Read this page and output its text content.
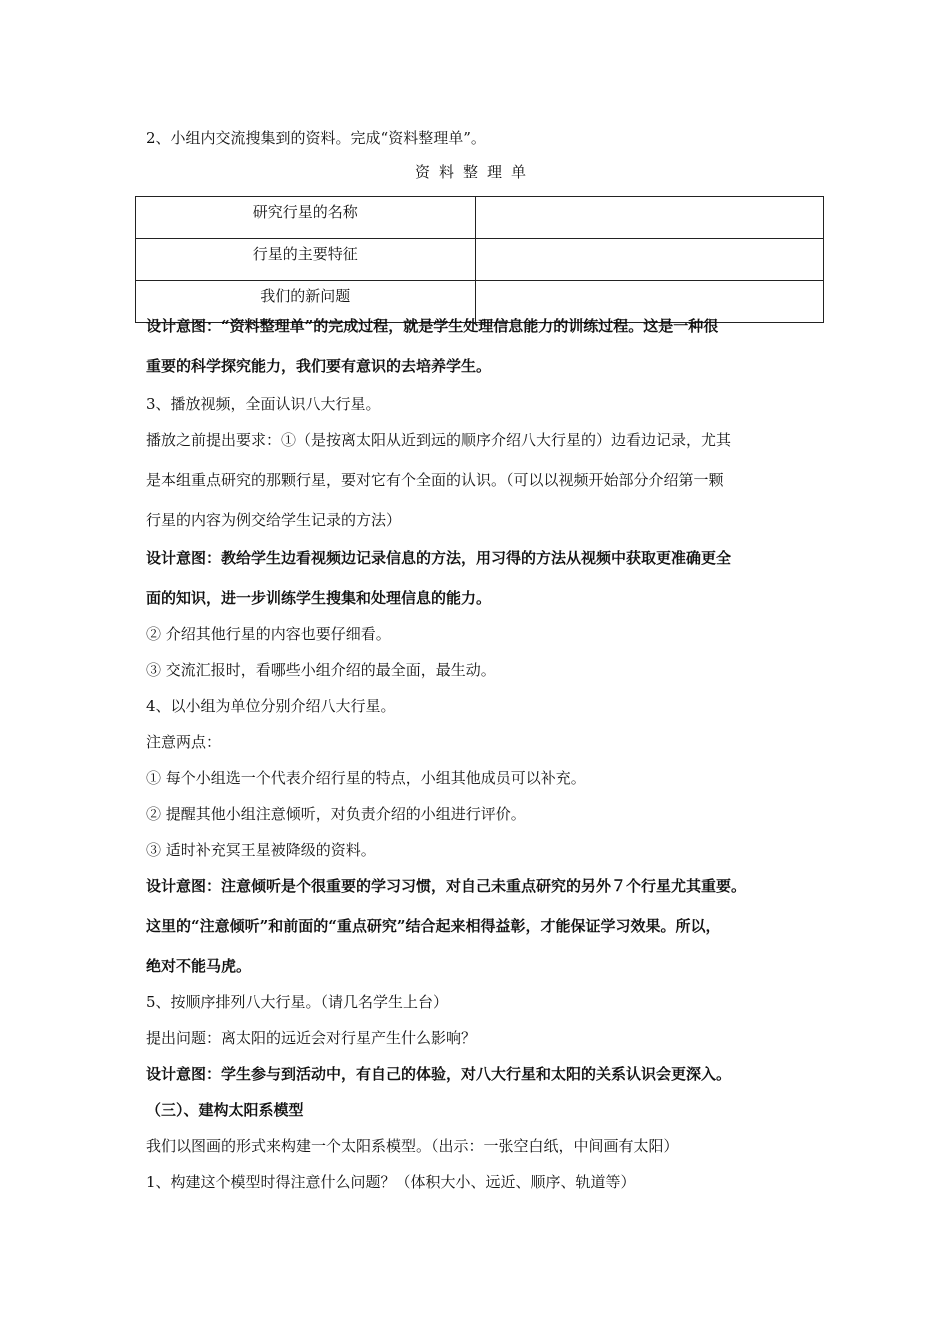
2、小组内交流搜集到的资料。完成“资料整理单”。
资料整理单
研究行星的名称	
行星的主要特征	
我们的新问题	
设计意图：“资料整理单”的完成过程，就是学生处理信息能力的训练过程。这是一种很
重要的科学探究能力，我们要有意识的去培养学生。
3、播放视频，全面认识八大行星。
播放之前提出要求：①（是按离太阳从近到远的顺序介绍八大行星的）边看边记录，尤其
是本组重点研究的那颗行星，要对它有个全面的认识。（可以以视频开始部分介绍第一颗
行星的内容为例交给学生记录的方法）
设计意图：教给学生边看视频边记录信息的方法，用习得的方法从视频中获取更准确更全
面的知识，进一步训练学生搜集和处理信息的能力。
② 介绍其他行星的内容也要仔细看。
③ 交流汇报时，看哪些小组介绍的最全面，最生动。
4、以小组为单位分别介绍八大行星。
注意两点：
① 每个小组选一个代表介绍行星的特点，小组其他成员可以补充。
② 提醒其他小组注意倾听，对负责介绍的小组进行评价。
③ 适时补充冥王星被降级的资料。
设计意图：注意倾听是个很重要的学习习惯，对自己未重点研究的另外７个行星尤其重要。
这里的“注意倾听”和前面的“重点研究”结合起来相得益彰，才能保证学习效果。所以，
绝对不能马虎。
5、按顺序排列八大行星。（请几名学生上台）
提出问题：离太阳的远近会对行星产生什么影响？
设计意图：学生参与到活动中，有自己的体验，对八大行星和太阳的关系认识会更深入。
（三）、建构太阳系模型
我们以图画的形式来构建一个太阳系模型。（出示：一张空白纸，中间画有太阳）
1、构建这个模型时得注意什么问题？（体积大小、远近、顺序、轨道等）
